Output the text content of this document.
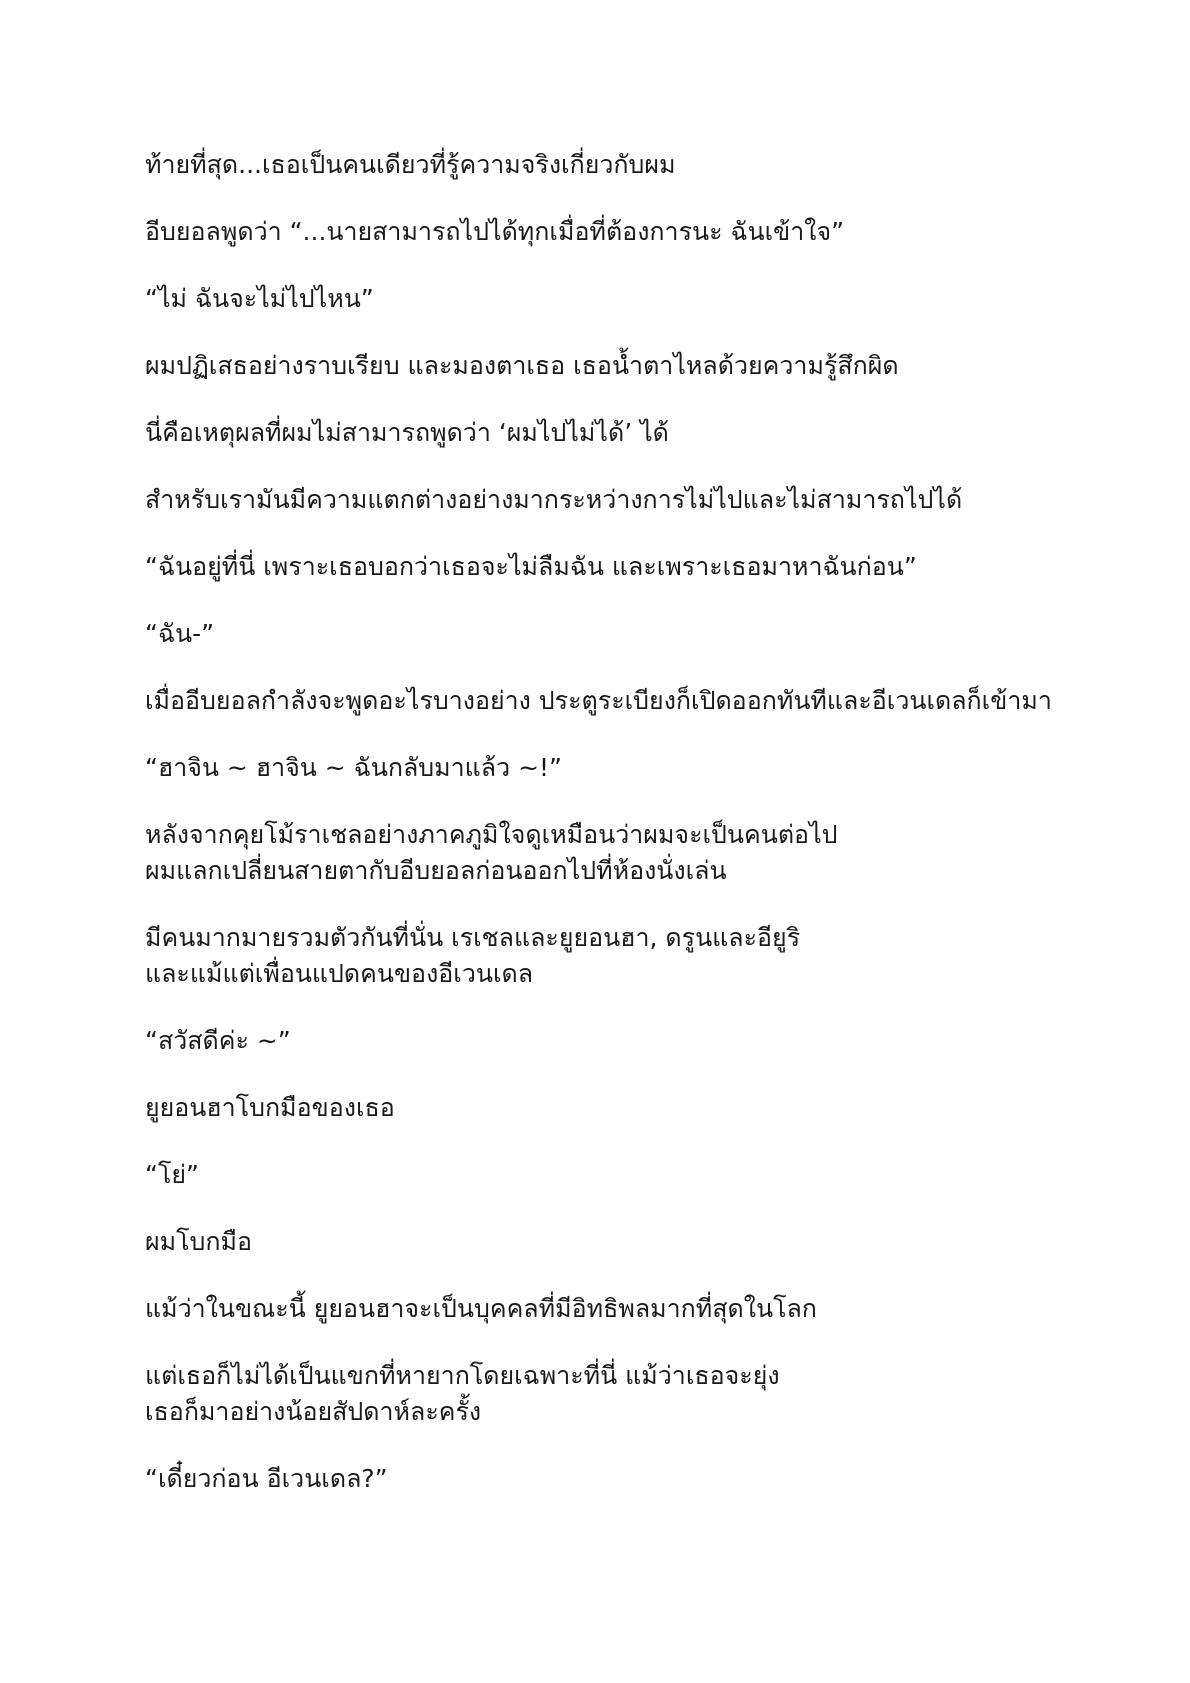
ท้ายที่สุด...เธอเป็นคนเดียวที่รู้ความจริงเกี่ยวกับผม

อีบยอลพูดว่า “...นายสามารถไปได้ทุกเมื่อที่ต้องการนะ ฉันเข้าใจ”

“ไม่ ฉันจะไม่ไปไหน”

ผมปฏิเสธอย่างราบเรียบ และมองตาเธอ เธอน้ำตาไหลด้วยความรู้สึกผิด

นี่คือเหตุผลที่ผมไม่สามารถพูดว่า ‘ผมไปไม่ได้’ ได้

สำหรับเรามันมีความแตกต่างอย่างมากระหว่างการไม่ไปและไม่สามารถไปได้

“ฉันอยู่ที่นี่ เพราะเธอบอกว่าเธอจะไม่ลืมฉัน และเพราะเธอมาหาฉันก่อน”

“ฉัน-”

เมื่ออีบยอลกำลังจะพูดอะไรบางอย่าง ประตูระเบียงก็เปิดออกทันทีและอีเวนเดลก็เข้ามา

“ฮาจิน ~ ฮาจิน ~ ฉันกลับมาแล้ว ~!”

หลังจากคุยโม้ราเชลอย่างภาคภูมิใจดูเหมือนว่าผมจะเป็นคนต่อไป
ผมแลกเปลี่ยนสายตากับอีบยอลก่อนออกไปที่ห้องนั่งเล่น

มีคนมากมายรวมตัวกันที่นั่น เรเชลและยูยอนฮา, ดรูนและอียูริ
และแม้แต่เพื่อนแปดคนของอีเวนเดล

“สวัสดีค่ะ ~”

ยูยอนฮาโบกมือของเธอ

“โย่”

ผมโบกมือ

แม้ว่าในขณะนี้ ยูยอนฮาจะเป็นบุคคลที่มีอิทธิพลมากที่สุดในโลก

แต่เธอก็ไม่ได้เป็นแขกที่หายากโดยเฉพาะที่นี่ แม้ว่าเธอจะยุ่ง
เธอก็มาอย่างน้อยสัปดาห์ละครั้ง

“เดี๋ยวก่อน อีเวนเดล?”
